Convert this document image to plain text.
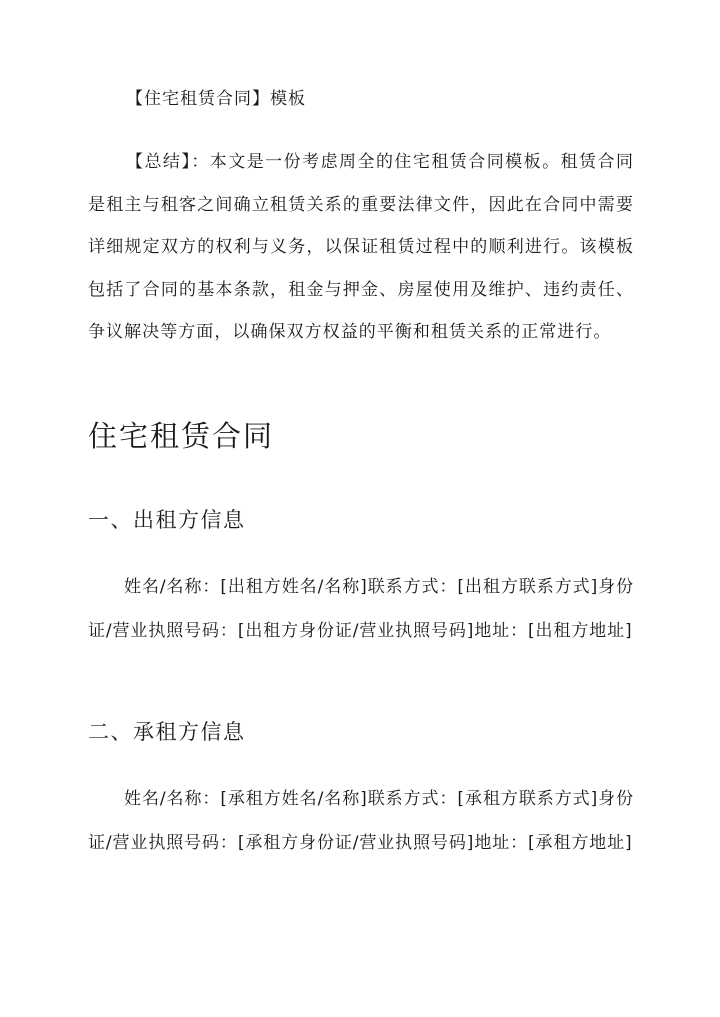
【住宅租赁合同】模板

【总结】：本文是一份考虑周全的住宅租赁合同模板。租赁合同是租主与租客之间确立租赁关系的重要法律文件，因此在合同中需要详细规定双方的权利与义务，以保证租赁过程中的顺利进行。该模板包括了合同的基本条款，租金与押金、房屋使用及维护、违约责任、争议解决等方面，以确保双方权益的平衡和租赁关系的正常进行。

住宅租赁合同
一、出租方信息

姓名/名称：[出租方姓名/名称]联系方式：[出租方联系方式]身份证/营业执照号码：[出租方身份证/营业执照号码]地址：[出租方地址]

二、承租方信息

姓名/名称：[承租方姓名/名称]联系方式：[承租方联系方式]身份证/营业执照号码：[承租方身份证/营业执照号码]地址：[承租方地址]
